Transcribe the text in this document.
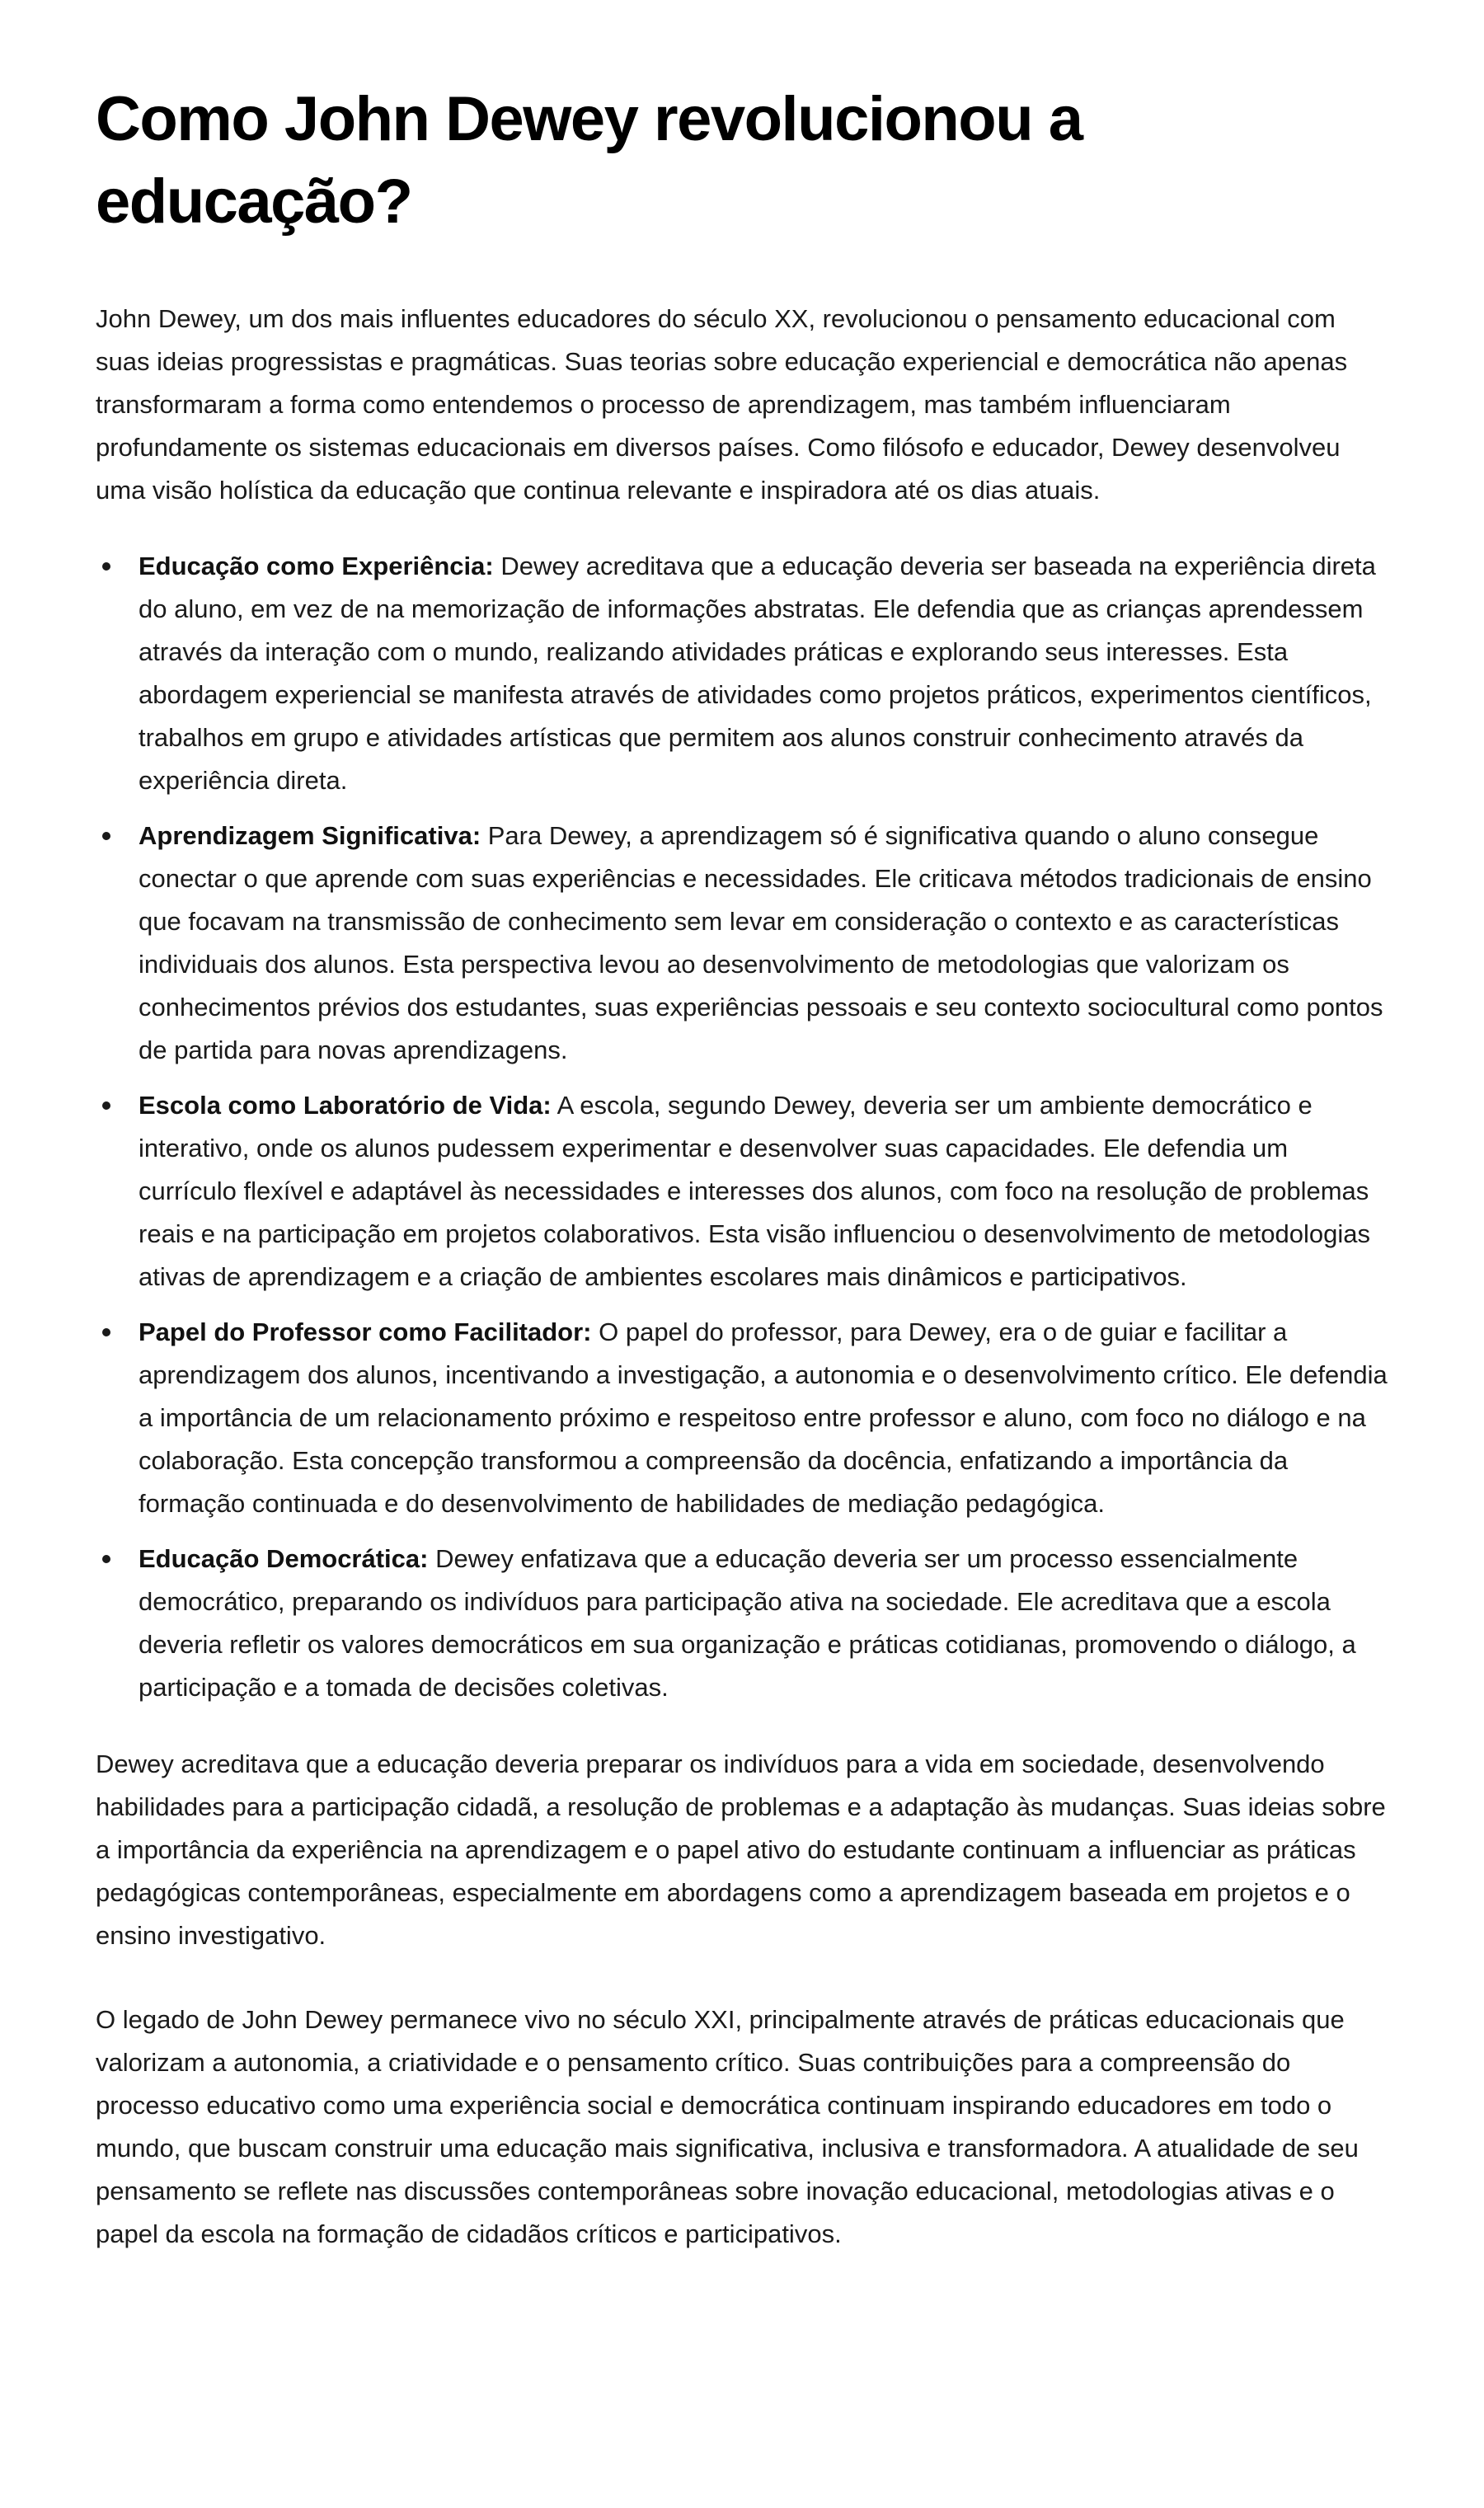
Como John Dewey revolucionou a educação?

John Dewey, um dos mais influentes educadores do século XX, revolucionou o pensamento educacional com suas ideias progressistas e pragmáticas. Suas teorias sobre educação experiencial e democrática não apenas transformaram a forma como entendemos o processo de aprendizagem, mas também influenciaram profundamente os sistemas educacionais em diversos países. Como filósofo e educador, Dewey desenvolveu uma visão holística da educação que continua relevante e inspiradora até os dias atuais.

Educação como Experiência: Dewey acreditava que a educação deveria ser baseada na experiência direta do aluno, em vez de na memorização de informações abstratas. Ele defendia que as crianças aprendessem através da interação com o mundo, realizando atividades práticas e explorando seus interesses. Esta abordagem experiencial se manifesta através de atividades como projetos práticos, experimentos científicos, trabalhos em grupo e atividades artísticas que permitem aos alunos construir conhecimento através da experiência direta.
Aprendizagem Significativa: Para Dewey, a aprendizagem só é significativa quando o aluno consegue conectar o que aprende com suas experiências e necessidades. Ele criticava métodos tradicionais de ensino que focavam na transmissão de conhecimento sem levar em consideração o contexto e as características individuais dos alunos. Esta perspectiva levou ao desenvolvimento de metodologias que valorizam os conhecimentos prévios dos estudantes, suas experiências pessoais e seu contexto sociocultural como pontos de partida para novas aprendizagens.
Escola como Laboratório de Vida: A escola, segundo Dewey, deveria ser um ambiente democrático e interativo, onde os alunos pudessem experimentar e desenvolver suas capacidades. Ele defendia um currículo flexível e adaptável às necessidades e interesses dos alunos, com foco na resolução de problemas reais e na participação em projetos colaborativos. Esta visão influenciou o desenvolvimento de metodologias ativas de aprendizagem e a criação de ambientes escolares mais dinâmicos e participativos.
Papel do Professor como Facilitador: O papel do professor, para Dewey, era o de guiar e facilitar a aprendizagem dos alunos, incentivando a investigação, a autonomia e o desenvolvimento crítico. Ele defendia a importância de um relacionamento próximo e respeitoso entre professor e aluno, com foco no diálogo e na colaboração. Esta concepção transformou a compreensão da docência, enfatizando a importância da formação continuada e do desenvolvimento de habilidades de mediação pedagógica.
Educação Democrática: Dewey enfatizava que a educação deveria ser um processo essencialmente democrático, preparando os indivíduos para participação ativa na sociedade. Ele acreditava que a escola deveria refletir os valores democráticos em sua organização e práticas cotidianas, promovendo o diálogo, a participação e a tomada de decisões coletivas.

Dewey acreditava que a educação deveria preparar os indivíduos para a vida em sociedade, desenvolvendo habilidades para a participação cidadã, a resolução de problemas e a adaptação às mudanças. Suas ideias sobre a importância da experiência na aprendizagem e o papel ativo do estudante continuam a influenciar as práticas pedagógicas contemporâneas, especialmente em abordagens como a aprendizagem baseada em projetos e o ensino investigativo.

O legado de John Dewey permanece vivo no século XXI, principalmente através de práticas educacionais que valorizam a autonomia, a criatividade e o pensamento crítico. Suas contribuições para a compreensão do processo educativo como uma experiência social e democrática continuam inspirando educadores em todo o mundo, que buscam construir uma educação mais significativa, inclusiva e transformadora. A atualidade de seu pensamento se reflete nas discussões contemporâneas sobre inovação educacional, metodologias ativas e o papel da escola na formação de cidadãos críticos e participativos.
